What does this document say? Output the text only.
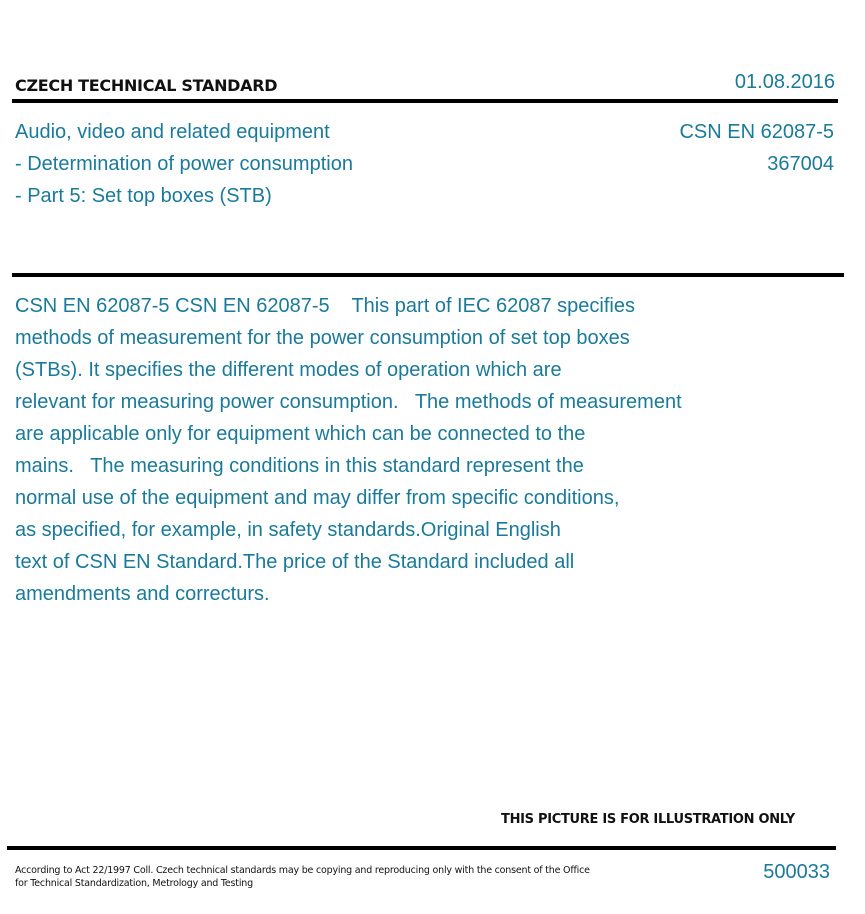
CZECH TECHNICAL STANDARD	01.08.2016
Audio, video and related equipment
- Determination of power consumption
- Part 5: Set top boxes (STB)
CSN EN 62087-5
367004
CSN EN 62087-5 CSN EN 62087-5    This part of IEC 62087 specifies
methods of measurement for the power consumption of set top boxes
(STBs). It specifies the different modes of operation which are
relevant for measuring power consumption.   The methods of measurement
are applicable only for equipment which can be connected to the
mains.   The measuring conditions in this standard represent the
normal use of the equipment and may differ from specific conditions,
as specified, for example, in safety standards.Original English
text of CSN EN Standard.The price of the Standard included all
amendments and correcturs.
THIS PICTURE IS FOR ILLUSTRATION ONLY
According to Act 22/1997 Coll. Czech technical standards may be copying and reproducing only with the consent of the Office
for Technical Standardization, Metrology and Testing
500033
